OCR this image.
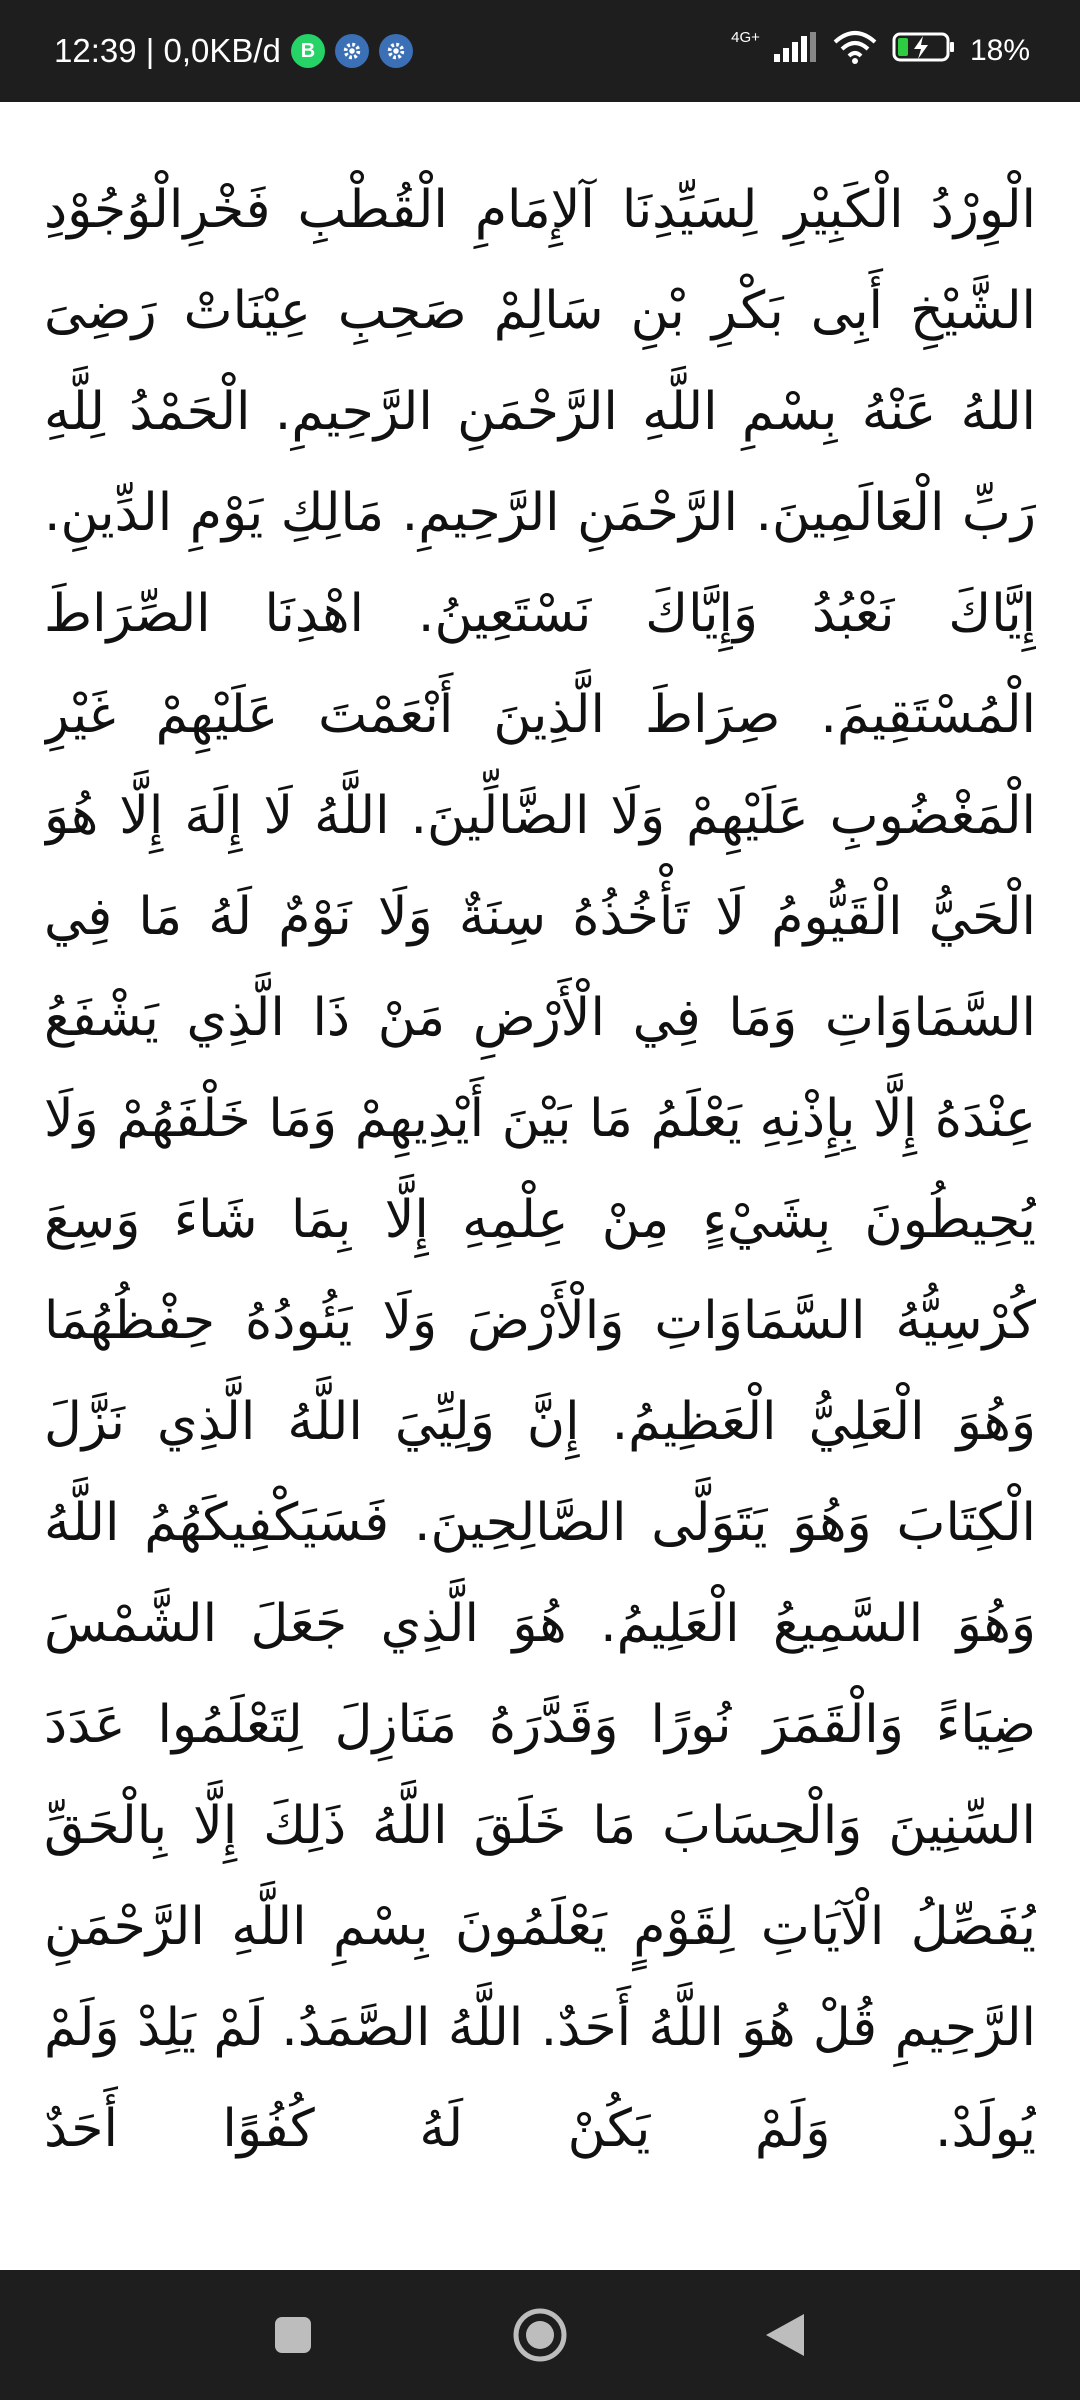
12:39 | 0,0KB/d B
4G+	18%

الْوِرْدُ الْكَبِيْرِ لِسَيِّدِنَا آلإِمَامِ الْقُطْبِ فَخْرِالْوُجُوْدِ الشَّيْخِ أَبِى بَكْرِ بْنِ سَالِمْ صَحِبِ عِيْنَاتْ رَضِىَ اللهُ عَنْهُ بِسْمِ اللَّهِ الرَّحْمَنِ الرَّحِيمِ. الْحَمْدُ لِلَّهِ رَبِّ الْعَالَمِينَ. الرَّحْمَنِ الرَّحِيمِ. مَالِكِ يَوْمِ الدِّينِ. إِيَّاكَ نَعْبُدُ وَإِيَّاكَ نَسْتَعِينُ. اهْدِنَا الصِّرَاطَ الْمُسْتَقِيمَ. صِرَاطَ الَّذِينَ أَنْعَمْتَ عَلَيْهِمْ غَيْرِ الْمَغْضُوبِ عَلَيْهِمْ وَلَا الضَّالِّينَ. اللَّهُ لَا إِلَهَ إِلَّا هُوَ الْحَيُّ الْقَيُّومُ لَا تَأْخُذُهُ سِنَةٌ وَلَا نَوْمٌ لَهُ مَا فِي السَّمَاوَاتِ وَمَا فِي الْأَرْضِ مَنْ ذَا الَّذِي يَشْفَعُ عِنْدَهُ إِلَّا بِإِذْنِهِ يَعْلَمُ مَا بَيْنَ أَيْدِيهِمْ وَمَا خَلْفَهُمْ وَلَا يُحِيطُونَ بِشَيْءٍ مِنْ عِلْمِهِ إِلَّا بِمَا شَاءَ وَسِعَ كُرْسِيُّهُ السَّمَاوَاتِ وَالْأَرْضَ وَلَا يَئُودُهُ حِفْظُهُمَا وَهُوَ الْعَلِيُّ الْعَظِيمُ. إِنَّ وَلِيِّيَ اللَّهُ الَّذِي نَزَّلَ الْكِتَابَ وَهُوَ يَتَوَلَّى الصَّالِحِينَ. فَسَيَكْفِيكَهُمُ اللَّهُ وَهُوَ السَّمِيعُ الْعَلِيمُ. هُوَ الَّذِي جَعَلَ الشَّمْسَ ضِيَاءً وَالْقَمَرَ نُورًا وَقَدَّرَهُ مَنَازِلَ لِتَعْلَمُوا عَدَدَ السِّنِينَ وَالْحِسَابَ مَا خَلَقَ اللَّهُ ذَلِكَ إِلَّا بِالْحَقِّ يُفَصِّلُ الْآيَاتِ لِقَوْمٍ يَعْلَمُونَ بِسْمِ اللَّهِ الرَّحْمَنِ الرَّحِيمِ قُلْ هُوَ اللَّهُ أَحَدٌ. اللَّهُ الصَّمَدُ. لَمْ يَلِدْ وَلَمْ يُولَدْ. وَلَمْ يَكُنْ لَهُ كُفُوًا أَحَدٌ
